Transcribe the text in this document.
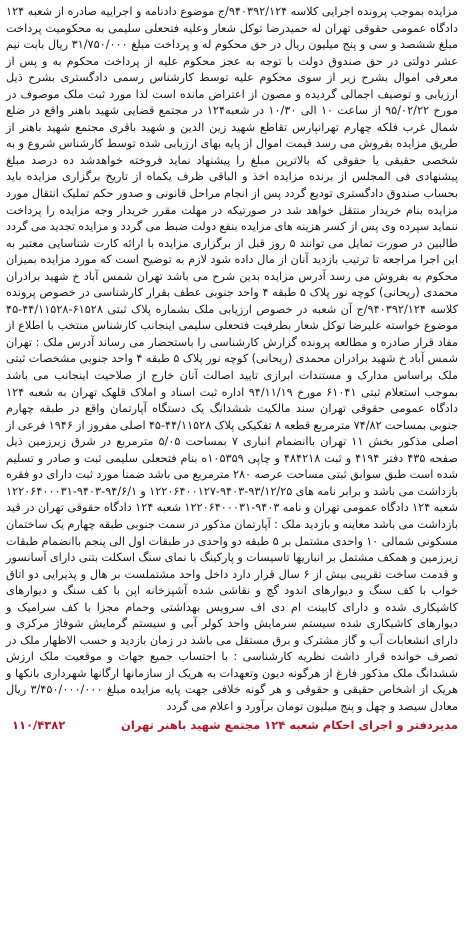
مزایده بموجب پرونده اجرایی کلاسه ۹۴۰۳۹۲/۱۲۴/ج موضوع دادنامه و اجراییه صادره از شعبه ۱۲۴ دادگاه عمومی حقوقی تهران له حمیدرضا توکل شعار وعلیه فتحعلی سلیمی به محکومیت پرداخت مبلغ ششصد و سی و پنج میلیون ریال در حق محکوم له و پرداخت مبلغ ۳۱/۷۵۰/۰۰۰ ریال بابت نیم عشر دولتی در حق صندوق دولت با توجه به عجز محکوم علیه از پرداخت محکوم به و پس از معرفی اموال بشرح زیر از سوی محکوم علیه توسط کارشناس رسمی دادگستری بشرح ذیل ارزیابی و توصیف اجمالی گردیده و مصون از اعتراض مانده است لذا مورد ثبت ملک موصوف در مورخ ۹۵/۰۲/۲۲ از ساعت ۱۰ الی ۱۰/۳۰ در شعبه۱۲۴ در مجتمع قضایی شهید باهنر واقع در ضلع شمال غرب فلکه چهارم تهرانپارس تقاطع شهید زین الدین و شهید باقری مجتمع شهید باهنر از طریق مزایده بفروش می رسد قیمت اموال از پایه بهای ارزیابی شده توسط کارشناس شروع و به شخصی حقیقی یا حقوقی که بالاترین مبلغ را پیشنهاد نماید فروخته خواهدشد ده درصد مبلغ پیشنهادی فی المجلس از برنده مزایده اخذ و الباقی ظرف یکماه از تاریخ برگزاری مزایده باید بحساب صندوق دادگستری تودیع گردد پس از انجام مراحل قانونی و صدور حکم تملیک انتقال مورد مزایده بنام خریدار منتقل خواهد شد در صورتیکه در مهلت مقرر خریدار وجه مزایده را پرداخت ننماید سپرده وی پس از کسر هزینه های مزایده بنفع دولت ضبط می گردد و مزایده تجدید می گردد طالبین در صورت تمایل می توانند ۵ روز قبل از برگزاری مزایده با ارائه کارت شناسایی معتبر به این اجرا مراجعه تا ترتیب بازدید آنان از مال داده شود لازم به توضیح است که مورد مزایده بمیزان محکوم به بفروش می رسد آدرس مزایده بدین شرح می باشد تهران شمس آباد خ شهید برادران محمدی (ریحانی) کوچه نور پلاک ۵ طبقه ۴ واحد جنوبی عطف بقرار کارشناسی در خصوص پرونده کلاسه ۹۴۰۳۹۲/۱۲۴/ج آن شعبه در خصوص ارزیابی ملک بشماره پلاک ثبتی ۶۱۵۲۸-۴۴/۱۱۵۲۸-۴۵ موضوع خواسته علیرضا توکل شعار بطرفیت فتحعلی سلیمی اینجانب کارشناس منتخب با اطلاع از مفاد قرار صادره و مطالعه پرونده گزارش کارشناسی را باستحضار می رساند آدرس ملک : تهران شمس آباد خ شهید برادران محمدی (ریحانی) کوچه نور پلاک ۵ طبقه ۴ واحد جنوبی مشخصات ثبتی ملک براساس مدارک و مستندات ابرازی تایید اصالت آنان خارج از صلاحیت اینجانب می باشد بموجب استعلام ثبتی ۶۱۰۴۱ مورخ ۹۴/۱۱/۱۹ اداره ثبت اسناد و املاک قلهک تهران به شعبه ۱۲۴ دادگاه عمومی حقوقی تهران سند مالکیت ششدانگ یک دستگاه آپارتمان واقع در طبقه چهارم جنوبی بمساحت ۷۴/۸۲ مترمربع قطعه ۸ تفکیکی پلاک ۴۴/۱۱۵۲۸-۴۵ اصلی مفروز از ۱۹۴۶ فرعی از اصلی مذکور بخش ۱۱ تهران باانضمام انباری ۷ بمساحت ۵/۰۵ مترمربع در شرق زیرزمین ذیل صفحه ۴۳۵ دفتر ۴۱۹۴ و ثبت ۴۸۴۲۱۸ و چاپی ۱۰۵۳۵۹ه بنام فتحعلی سلیمی ثبت و صادر و تسلیم شده است طبق سوابق ثبتی مساحت عرصه ۲۸۰ مترمربع می باشد ضمنا مورد ثبت دارای دو فقره بازداشت می باشد و برابر نامه های ۹۳/۱۲/۲۵-۹۴۰۳-۱۲۲۰۶۴۰۰۱۲۷ و ۹۴/۶/۱-۹۴۰۳-۱۲۲۰۶۴۰۰۰۳۱ شعبه ۱۲۴ دادگاه عمومی تهران و نامه ۹۴۰۳-۱۲۲۰۶۴۰۰۰۳۱ شعبه ۱۲۴ دادگاه حقوقی تهران در قید بازداشت می باشد معاینه و بازدید ملک : آپارتمان مذکور در سمت جنوبی طبقه چهارم یک ساختمان مسکونی شمالی ۱۰ واحدی مشتمل بر ۵ طبقه دو واحدی در طبقات اول الی پنجم باانضمام طبقات زیرزمین و همکف مشتمل بر انباریها تاسیسات و پارکینگ با نمای سنگ اسکلت بتنی دارای آسانسور و قدمت ساخت تقریبی بیش از ۶ سال قرار دارد داخل واحد مشتملست بر هال و پذیرایی دو اتاق خواب با کف سنگ و دیوارهای اندود گچ و نقاشی شده آشپزخانه اپن با کف سنگ و دیوارهای کاشیکاری شده و دارای کابینت ام دی اف سرویس بهداشتی وحمام مجزا با کف سرامیک و دیوارهای کاشیکاری شده سیستم سرمایش واحد کولر آبی و سیستم گرمایش شوفاژ مرکزی و دارای انشعابات آب و گاز مشترک و برق مستقل می باشد در زمان بازدید و حسب الاظهار ملک در تصرف خوانده قرار داشت نظریه کارشناسی : با احتساب جمیع جهات و موقعیت ملک ارزش ششدانگ ملک مذکور فارغ از هرگونه دیون وتعهدات به هریک از سازمانها ارگانها شهرداری بانکها و هریک از اشخاص حقیقی و حقوقی و هر گونه خلافی جهت پایه مزایده مبلغ ۳/۴۵۰/۰۰۰/۰۰۰ ریال معادل سیصد و چهل و پنج میلیون تومان برآورد و اعلام می گردد

مدیردفتر و اجرای احکام شعبه ۱۲۴ مجتمع شهید باهنر تهران
۱۱۰/۴۳۸۲
